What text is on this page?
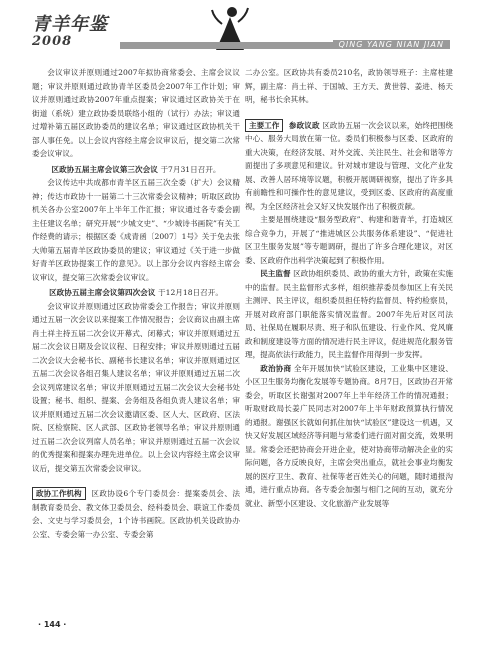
青羊年鉴
2008	QING YANG NIAN JIAN

会议审议并原则通过2007年拟协商常委会、主席会议议题；审议并原则通过政协青羊区委员会2007年工作计划；审议并原则通过政协2007年重点提案；审议通过区政协关于在街道（系统）建立政协委员联络小组的（试行）办法；审议通过增补第五届区政协委员的建议名单；审议通过区政协机关干部人事任免。以上会议内容经主席会议审议后，提交第二次常委会议审议。

区政协五届主席会议第三次会议 于7月31日召开。

会议传达中共成都市青羊区五届三次全委（扩大）会议精神；传达市政协十一届第二十三次常委会议精神；听取区政协机关各办公室2007年上半年工作汇报；审议通过各专委会副主任建议名单；研究开展“少城文史”、“少城诗书画院”有关工作经费的请示；根据区委《成青函〔2007〕1号》关于免去张大帅第五届青羊区政协委员的建议；审议通过《关于进一步做好青羊区政协提案工作的意见》。以上部分会议内容经主席会议审议，提交第三次常委会议审议。

区政协五届主席会议第四次会议 于12月18日召开。

会议审议并原则通过区政协常委会工作报告；审议并原则通过五届一次会议以来提案工作情况报告；会议商议由副主席肖土祥主持五届二次会议开幕式、闭幕式；审议并原则通过五届二次会议日期及会议议程、日程安排；审议并原则通过五届二次会议大会秘书长、副秘书长建议名单；审议并原则通过区五届二次会议各组召集人建议名单；审议并原则通过五届二次会议列席建议名单；审议并原则通过五届二次会议大会秘书处设置；秘书、组织、提案、会务组及各组负责人建议名单；审议并原则通过五届二次会议邀请区委、区人大、区政府、区法院、区检察院、区人武部、区政协老领导名单；审议并原则通过五届二次会议列席人员名单；审议并原则通过五届一次会议的优秀提案和提案办理先进单位。以上会议内容经主席会议审议后，提交第五次常委会议审议。

政协工作机构 区政协设6个专门委员会：提案委员会、法制教育委员会、教文体卫委员会、经科委员会、联谊工作委员会、文史与学习委员会，1个诗书画院。区政协机关设政协办公室、专委会第一办公室、专委会第

二办公室。区政协共有委员210名，政协领导班子：主席桂建辉，副主席：肖土祥、于国城、王方天、黄世蓉、姜进、杨天明，秘书长余其林。

主要工作 参政议政 区政协五届一次会议以来，始终把围绕中心、服务大局放在第一位。委员们积极参与区委、区政府的重大决策，在经济发展、对外交流、关注民生、社会和谐等方面提出了多项意见和建议。针对城市建设与管理、文化产业发展、改善人居环境等议题，积极开展调研视察，提出了许多具有前瞻性和可操作性的意见建议，受到区委、区政府的高度重视，为全区经济社会又好又快发展作出了积极贡献。

主要是围绕建设“服务型政府”、构建和谐青羊，打造城区综合竞争力，开展了“推进城区公共服务体系建设”、“促进社区卫生服务发展”等专题调研，提出了许多合理化建议，对区委、区政府作出科学决策起到了积极作用。

民主监督 区政协组织委员、政协的重大方针，政策在实施中的监督。民主监督形式多样，组织推荐委员参加区上有关民主测评、民主评议，组织委员担任特约监督员、特约检察员，开展对政府部门职能落实情况监督。2007年先后对区司法局、社保局在履职尽责、班子和队伍建设、行业作风、党风廉政和制度建设等方面的情况进行民主评议，促进规范化服务管理，提高依法行政能力，民主监督作用得到一步发挥。

政治协商 全年开展加快“试验区建设，工业集中区建设、小区卫生服务均衡化发展等专题协商。8月7日，区政协召开常委会，听取区长谢强对2007年上半年经济工作的情况通报；听取财政局长姜广民同志对2007年上半年财政预算执行情况的通报。谢强区长就如何抓住加快“试验区”建设这一机遇，又快又好发展区域经济等问题与常委们进行面对面交流，效果明显。常委会还把协商会开进企业，使对协商带动解决企业的实际问题，各方反映良好，主席会突出重点，就社会事业均衡发展的医疗卫生、教育、社保等老百姓关心的问题，随时通报沟通，进行重点协商。各专委会加强与相门之间的互动，就充分就业、新型小区建设、文化旅游产业发展等

· 144 ·
